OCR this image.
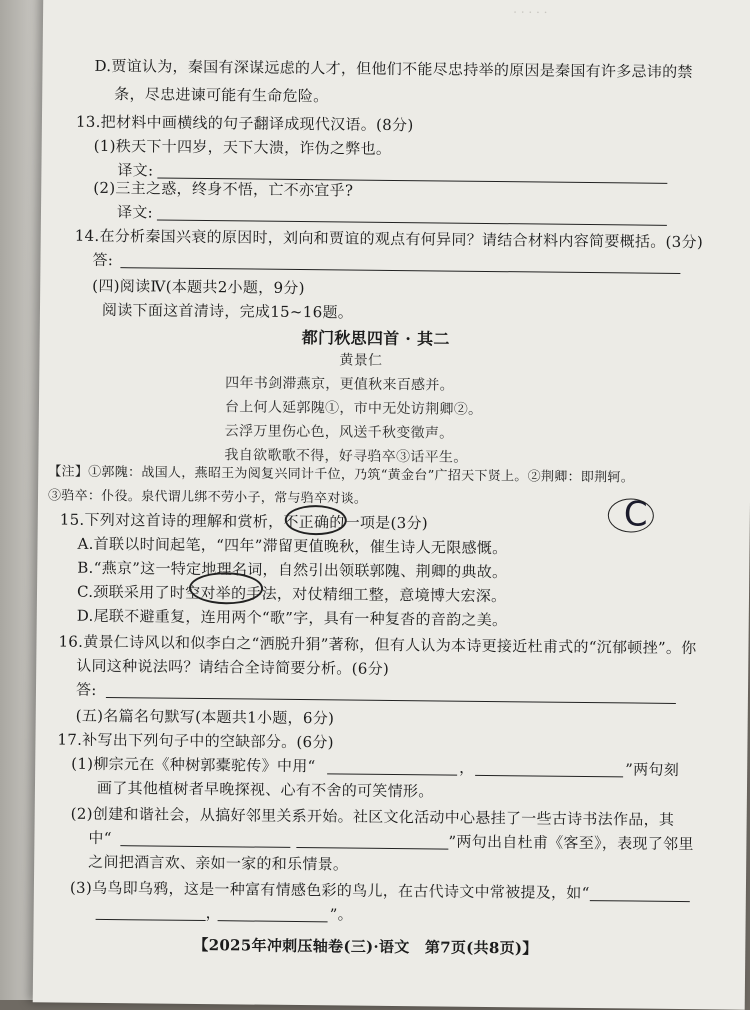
· · · · ·
D.贾谊认为，秦国有深谋远虑的人才，但他们不能尽忠持举的原因是秦国有许多忌讳的禁
条，尽忠进谏可能有生命危险。
13.把材料中画横线的句子翻译成现代汉语。(8分)
(1)秩天下十四岁，天下大溃，诈伪之弊也。
译文:
(2)三主之惑，终身不悟，亡不亦宜乎?
译文:
14.在分析秦国兴衰的原因时，刘向和贾谊的观点有何异同？请结合材料内容简要概括。(3分)
答:
(四)阅读Ⅳ(本题共2小题，9分)
阅读下面这首清诗，完成15~16题。
都门秋思四首 · 其二
黄景仁
四年书剑滞燕京，更值秋来百感并。
台上何人延郭隗①，市中无处访荆卿②。
云浮万里伤心色，风送千秋变徵声。
我自欲歌歌不得，好寻驺卒③话平生。
【注】①郭隗：战国人，燕昭王为阅复兴同计千位，乃筑“黄金台”广招天下贤上。②荆卿：即荆轲。
③驺卒：仆役。泉代谓儿绑不劳小子，常与驺卒对谈。
15.下列对这首诗的理解和赏析，不正确的一项是(3分)	C
A.首联以时间起笔，“四年”滞留更值晚秋，催生诗人无限感慨。
B.“燕京”这一特定地理名词，自然引出领联郭隗、荆卿的典故。
C.颈联采用了时空对举的手法，对仗精细工整，意境博大宏深。
D.尾联不避重复，连用两个“歌”字，具有一种复沓的音韵之美。
16.黄景仁诗风以和似李白之“洒脱升狷”著称，但有人认为本诗更接近杜甫式的“沉郁顿挫”。你
认同这种说法吗？请结合全诗简要分析。(6分)
答:
(五)名篇名句默写(本题共1小题，6分)
17.补写出下列句子中的空缺部分。(6分)
(1)柳宗元在《种树郭橐驼传》中用“	，	”两句刻
画了其他植树者早晚探视、心有不舍的可笑情形。
(2)创建和谐社会，从搞好邻里关系开始。社区文化活动中心悬挂了一些古诗书法作品，其
中“	”两句出自杜甫《客至》，表现了邻里
之间把酒言欢、亲如一家的和乐情景。
(3)乌鸟即乌鸦，这是一种富有情感色彩的鸟儿，在古代诗文中常被提及，如“
，	”。
【2025年冲刺压轴卷(三)·语文　第7页(共8页)】
